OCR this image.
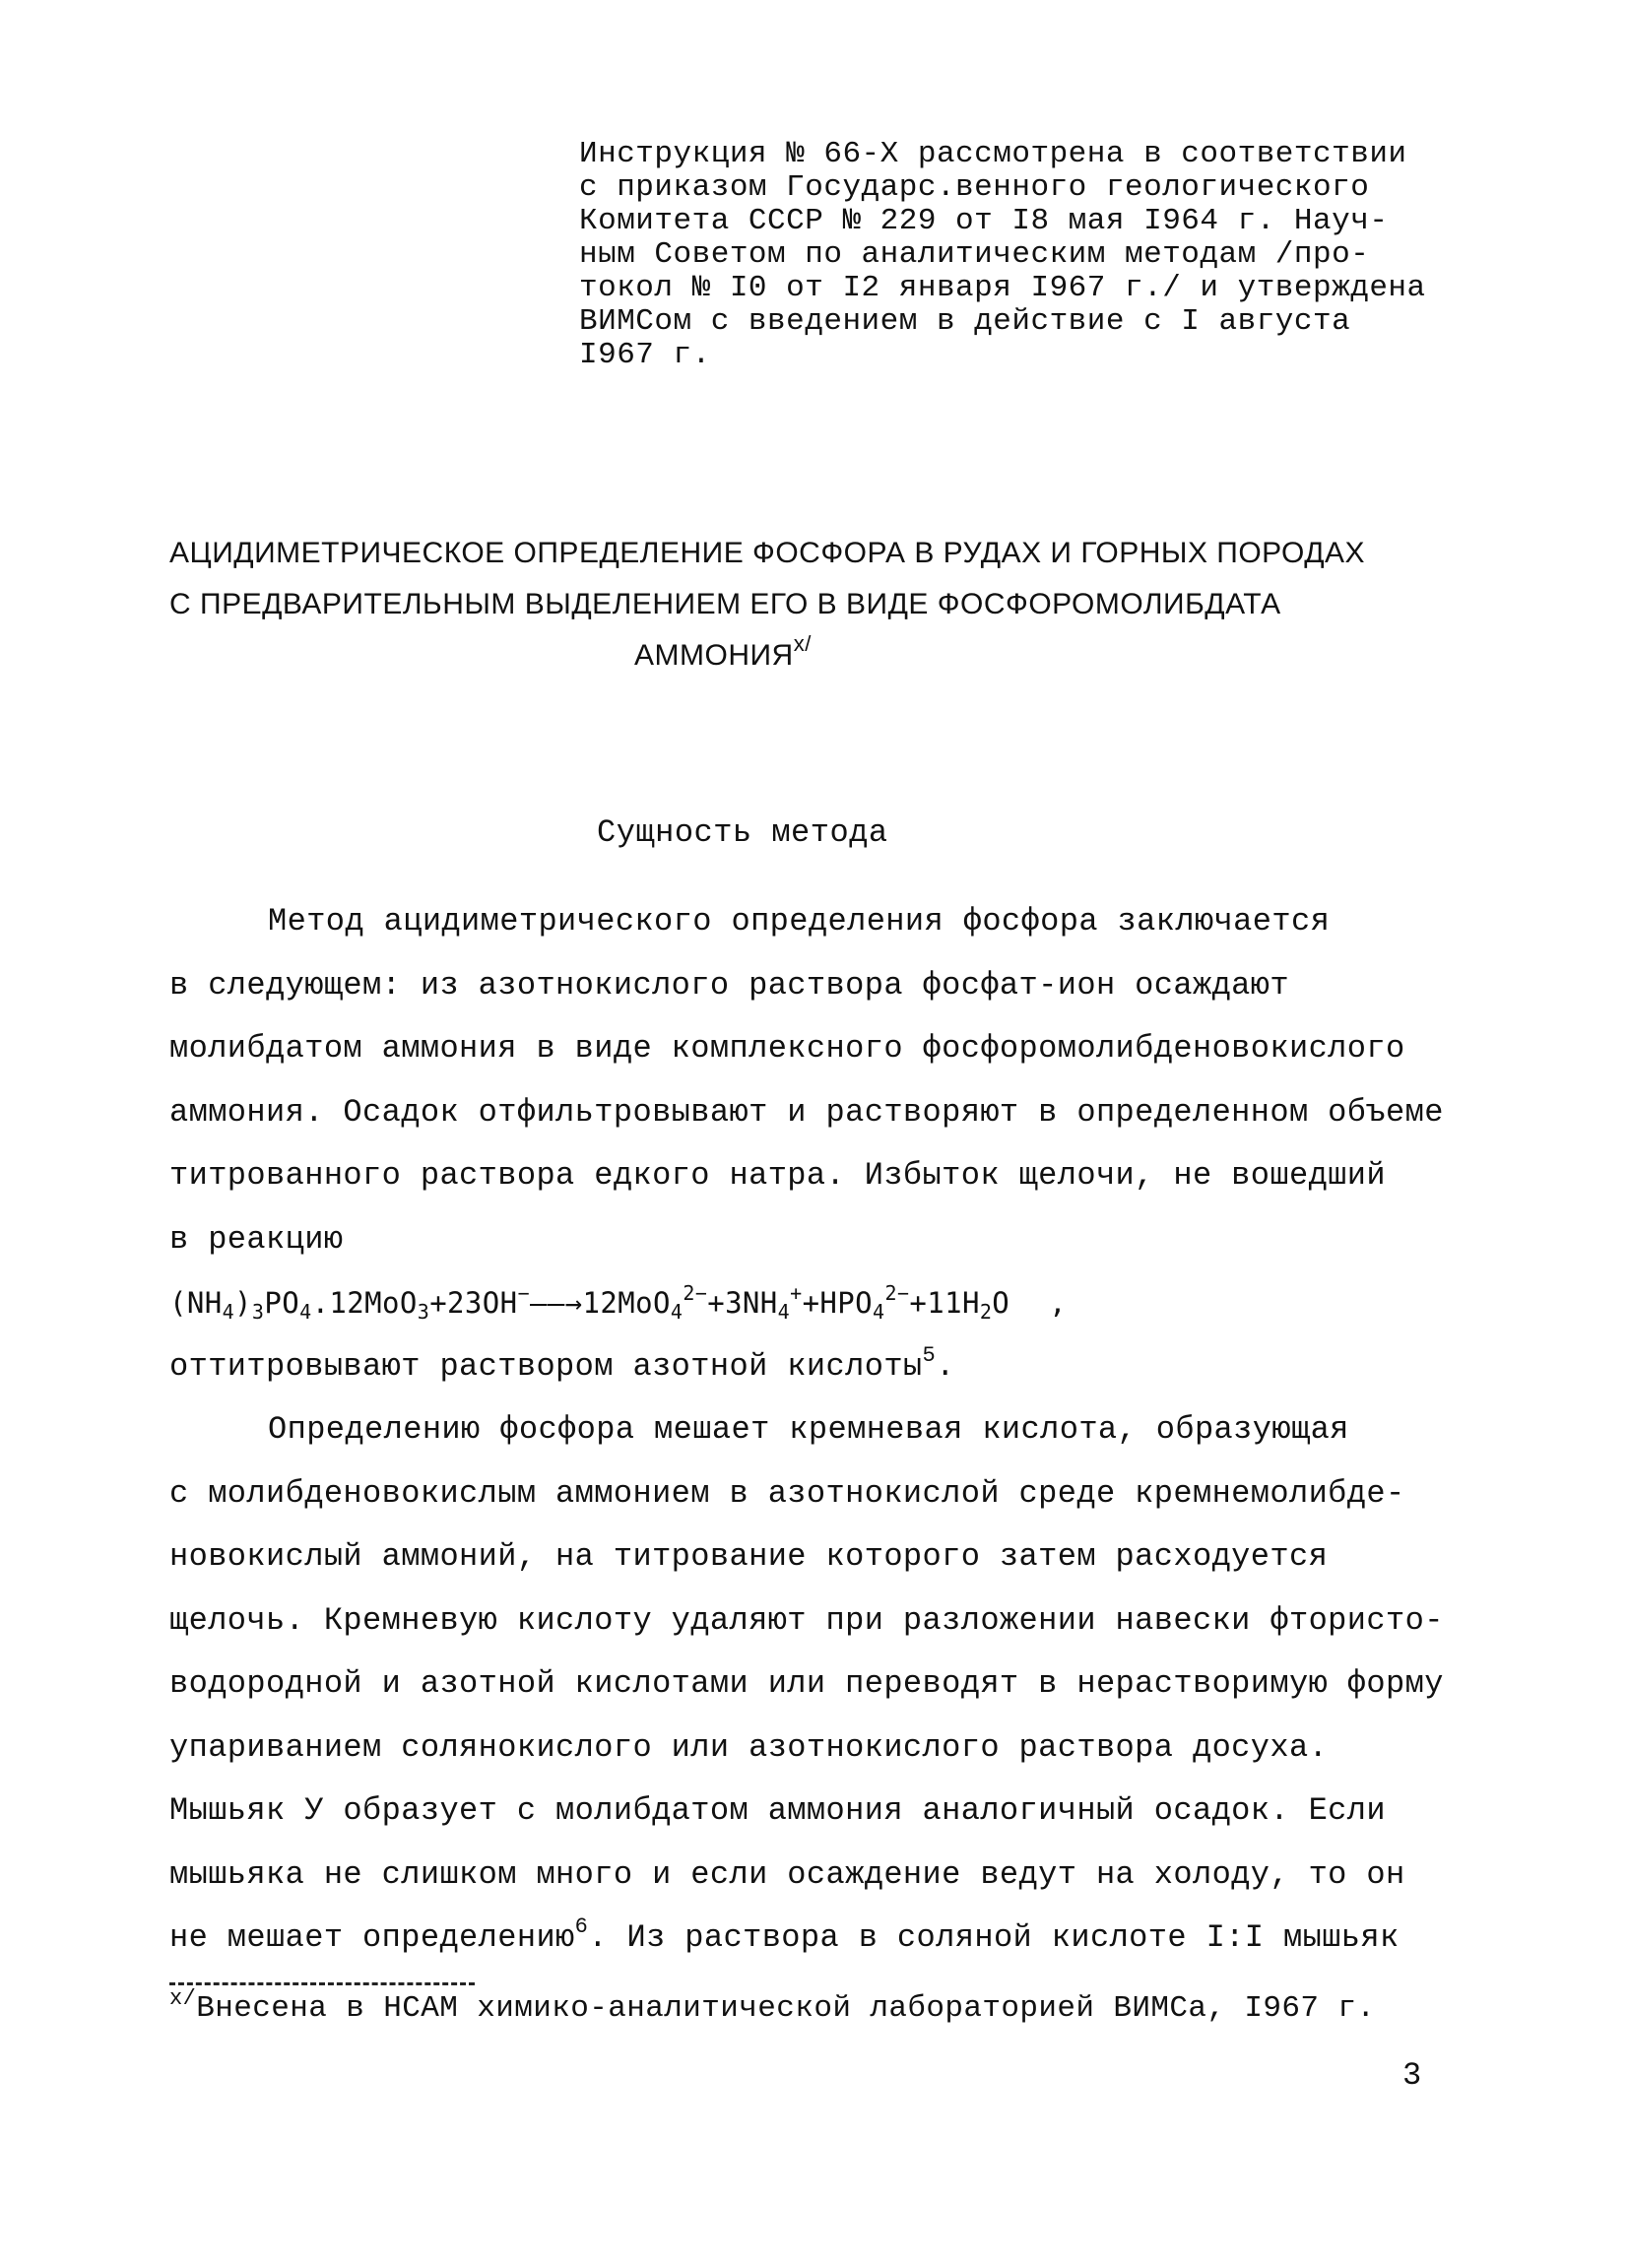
Инструкция № 66-X рассмотрена в соответствии
с приказом Государс.венного геологического
Комитета СССР № 229 от I8 мая I964 г. Науч-
ным Советом по аналитическим методам /про-
токол № I0 от I2 января I967 г./ и утверждена
ВИМСом с введением в действие с I августа
I967 г.
АЦИДИМЕТРИЧЕСКОЕ ОПРЕДЕЛЕНИЕ ФОСФОРА В РУДАХ И ГОРНЫХ ПОРОДАХ
С ПРЕДВАРИТЕЛЬНЫМ ВЫДЕЛЕНИЕМ ЕГО В ВИДЕ ФОСФОРОМОЛИБДАТА
$АММОНИЯ^{x/}$
Сущность метода
Метод ацидиметрического определения фосфора заключается
в следующем: из азотнокислого раствора фосфат-ион осаждают
молибдатом аммония в виде комплексного фосфоромолибденовокислого
аммония. Осадок отфильтровывают и растворяют в определенном объеме
титрованного раствора едкого натра. Избыток щелочи, не вошедший
в реакцию
$(NH_4)_3PO_4.12MoO_3+23OH^-——\to 12MoO_4^{2-}+3NH_4^++HPO_4^{2-}+11H_2O$ ,
оттитровывают раствором азотной кислоты$^5$.
Определению фосфора мешает кремневая кислота, образующая
с молибденовокислым аммонием в азотнокислой среде кремнемолибде-
новокислый аммоний, на титрование которого затем расходуется
щелочь. Кремневую кислоту удаляют при разложении навески фтористо-
водородной и азотной кислотами или переводят в нерастворимую форму
упариванием солянокислого или азотнокислого раствора досуха.
Мышьяк У образует с молибдатом аммония аналогичный осадок. Если
мышьяка не слишком много и если осаждение ведут на холоду, то он
не мешает определению$^6$. Из раствора в соляной кислоте I:I мышьяк
$^{x/}$Внесена в НСАМ химико-аналитической лабораторией ВИМСа, I967 г.
3
